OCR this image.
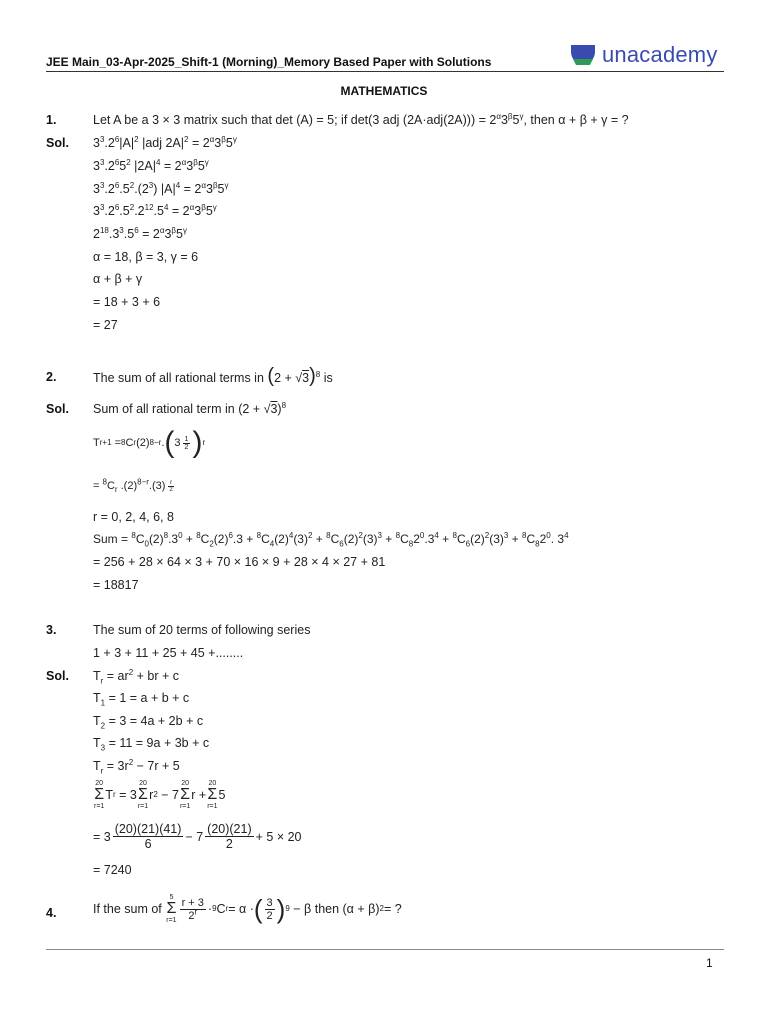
JEE Main_03-Apr-2025_Shift-1 (Morning)_Memory Based Paper with Solutions	unacademy
MATHEMATICS
1.	Let A be a 3 × 3 matrix such that det (A) = 5; if det(3 adj $(2A\cdot adj(2A))) = 2^\alpha 3^\beta 5^\gamma$, then α + β + γ = ?
Sol. $3^3.2^6|A|^2$ |adj $2A|^2 = 2^\alpha 3^\beta 5^\gamma$
$3^3.2^65^2$ $|2A|^4 = 2^\alpha 3^\beta 5^\gamma$
$3^3.2^6.5^2.(2^3) |A|^4 = 2^\alpha 3^\beta 5^\gamma$
$3^3.2^6.5^2.2^{12}.5^4 = 2^\alpha 3^\beta 5^\gamma$
$2^{18}.3^3.5^6 = 2^\alpha 3^\beta 5^\gamma$
α = 18, β = 3, γ = 6
α + β + γ
= 18 + 3 + 6
= 27
2.	The sum of all rational terms in $(2 + √3)^8$ is
Sol. Sum of all rational term in $(2 + √3)^8$
T r+1 = 8 C r (2) 8−r . ( $3 \frac{1}{2}$ ) r
= $^8C_r$ $.(2)^{8-r}.(3) \frac{r}{2}$
r = 0, 2, 4, 6, 8
Sum = $^8C_0(2)^8.3^0 + ^8C_2(2)^6.3 + ^8C_4(2)^4(3)^2 + ^8C_6(2)^2(3)^3 + ^8C_82^0.3^4 + ^8C_6(2)^2(3)^3 + ^8C_82^0$. $3^4$
= 256 + 28 × 64 × 3 + 70 × 16 × 9 + 28 × 4 × 27 + 81
= 18817
3.	The sum of 20 terms of following series
1 + 3 + 11 + 25 + 45 +........
Sol. $T_r = ar^2$ + br + c
$T_1 = 1 = a + b + c$
$T_2 = 3 = 4a + 2b + c$
$T_3 = 11 = 9a + 3b + c$
$T_r = 3r^2 - 7r + 5$
20
Σ
r=1
T r = 3
20
Σ
r=1
r 2 − 7
20
Σ
r=1
r +
20
Σ
r=1
5
= $3 \frac{(20)(21)(41)}{6} - 7 \frac{(20)(21)}{2} + 5 \times 20$
= 7240
4.	If the sum of
5
Σ
$r=1 \frac{r + 3}{2^r} \cdot 9$ C r = α · ( $\frac{3}{2}$ ) 9 − β then (α + β) 2 = ?
1
